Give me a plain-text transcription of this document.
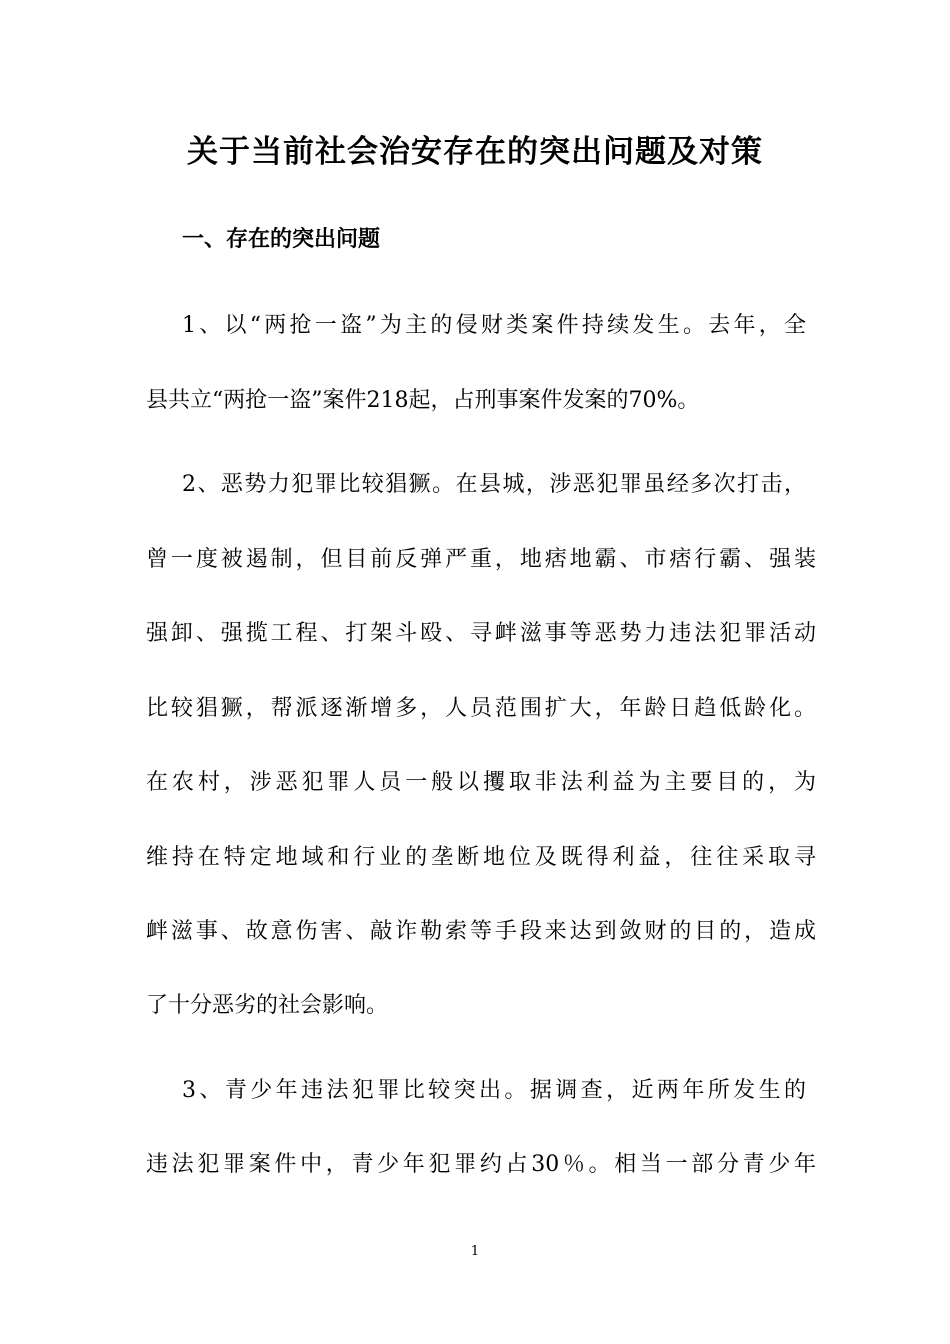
关于当前社会治安存在的突出问题及对策
一、存在的突出问题
1、以“两抢一盗”为主的侵财类案件持续发生。去年，全
县共立“两抢一盗”案件218起，占刑事案件发案的70%。
2、恶势力犯罪比较猖獗。在县城，涉恶犯罪虽经多次打击，
曾一度被遏制，但目前反弹严重，地痞地霸、市痞行霸、强装
强卸、强揽工程、打架斗殴、寻衅滋事等恶势力违法犯罪活动
比较猖獗，帮派逐渐增多，人员范围扩大，年龄日趋低龄化。
在农村，涉恶犯罪人员一般以攫取非法利益为主要目的，为
维持在特定地域和行业的垄断地位及既得利益，往往采取寻
衅滋事、故意伤害、敲诈勒索等手段来达到敛财的目的，造成
了十分恶劣的社会影响。
3、青少年违法犯罪比较突出。据调查，近两年所发生的
违法犯罪案件中，青少年犯罪约占30％。相当一部分青少年
1
